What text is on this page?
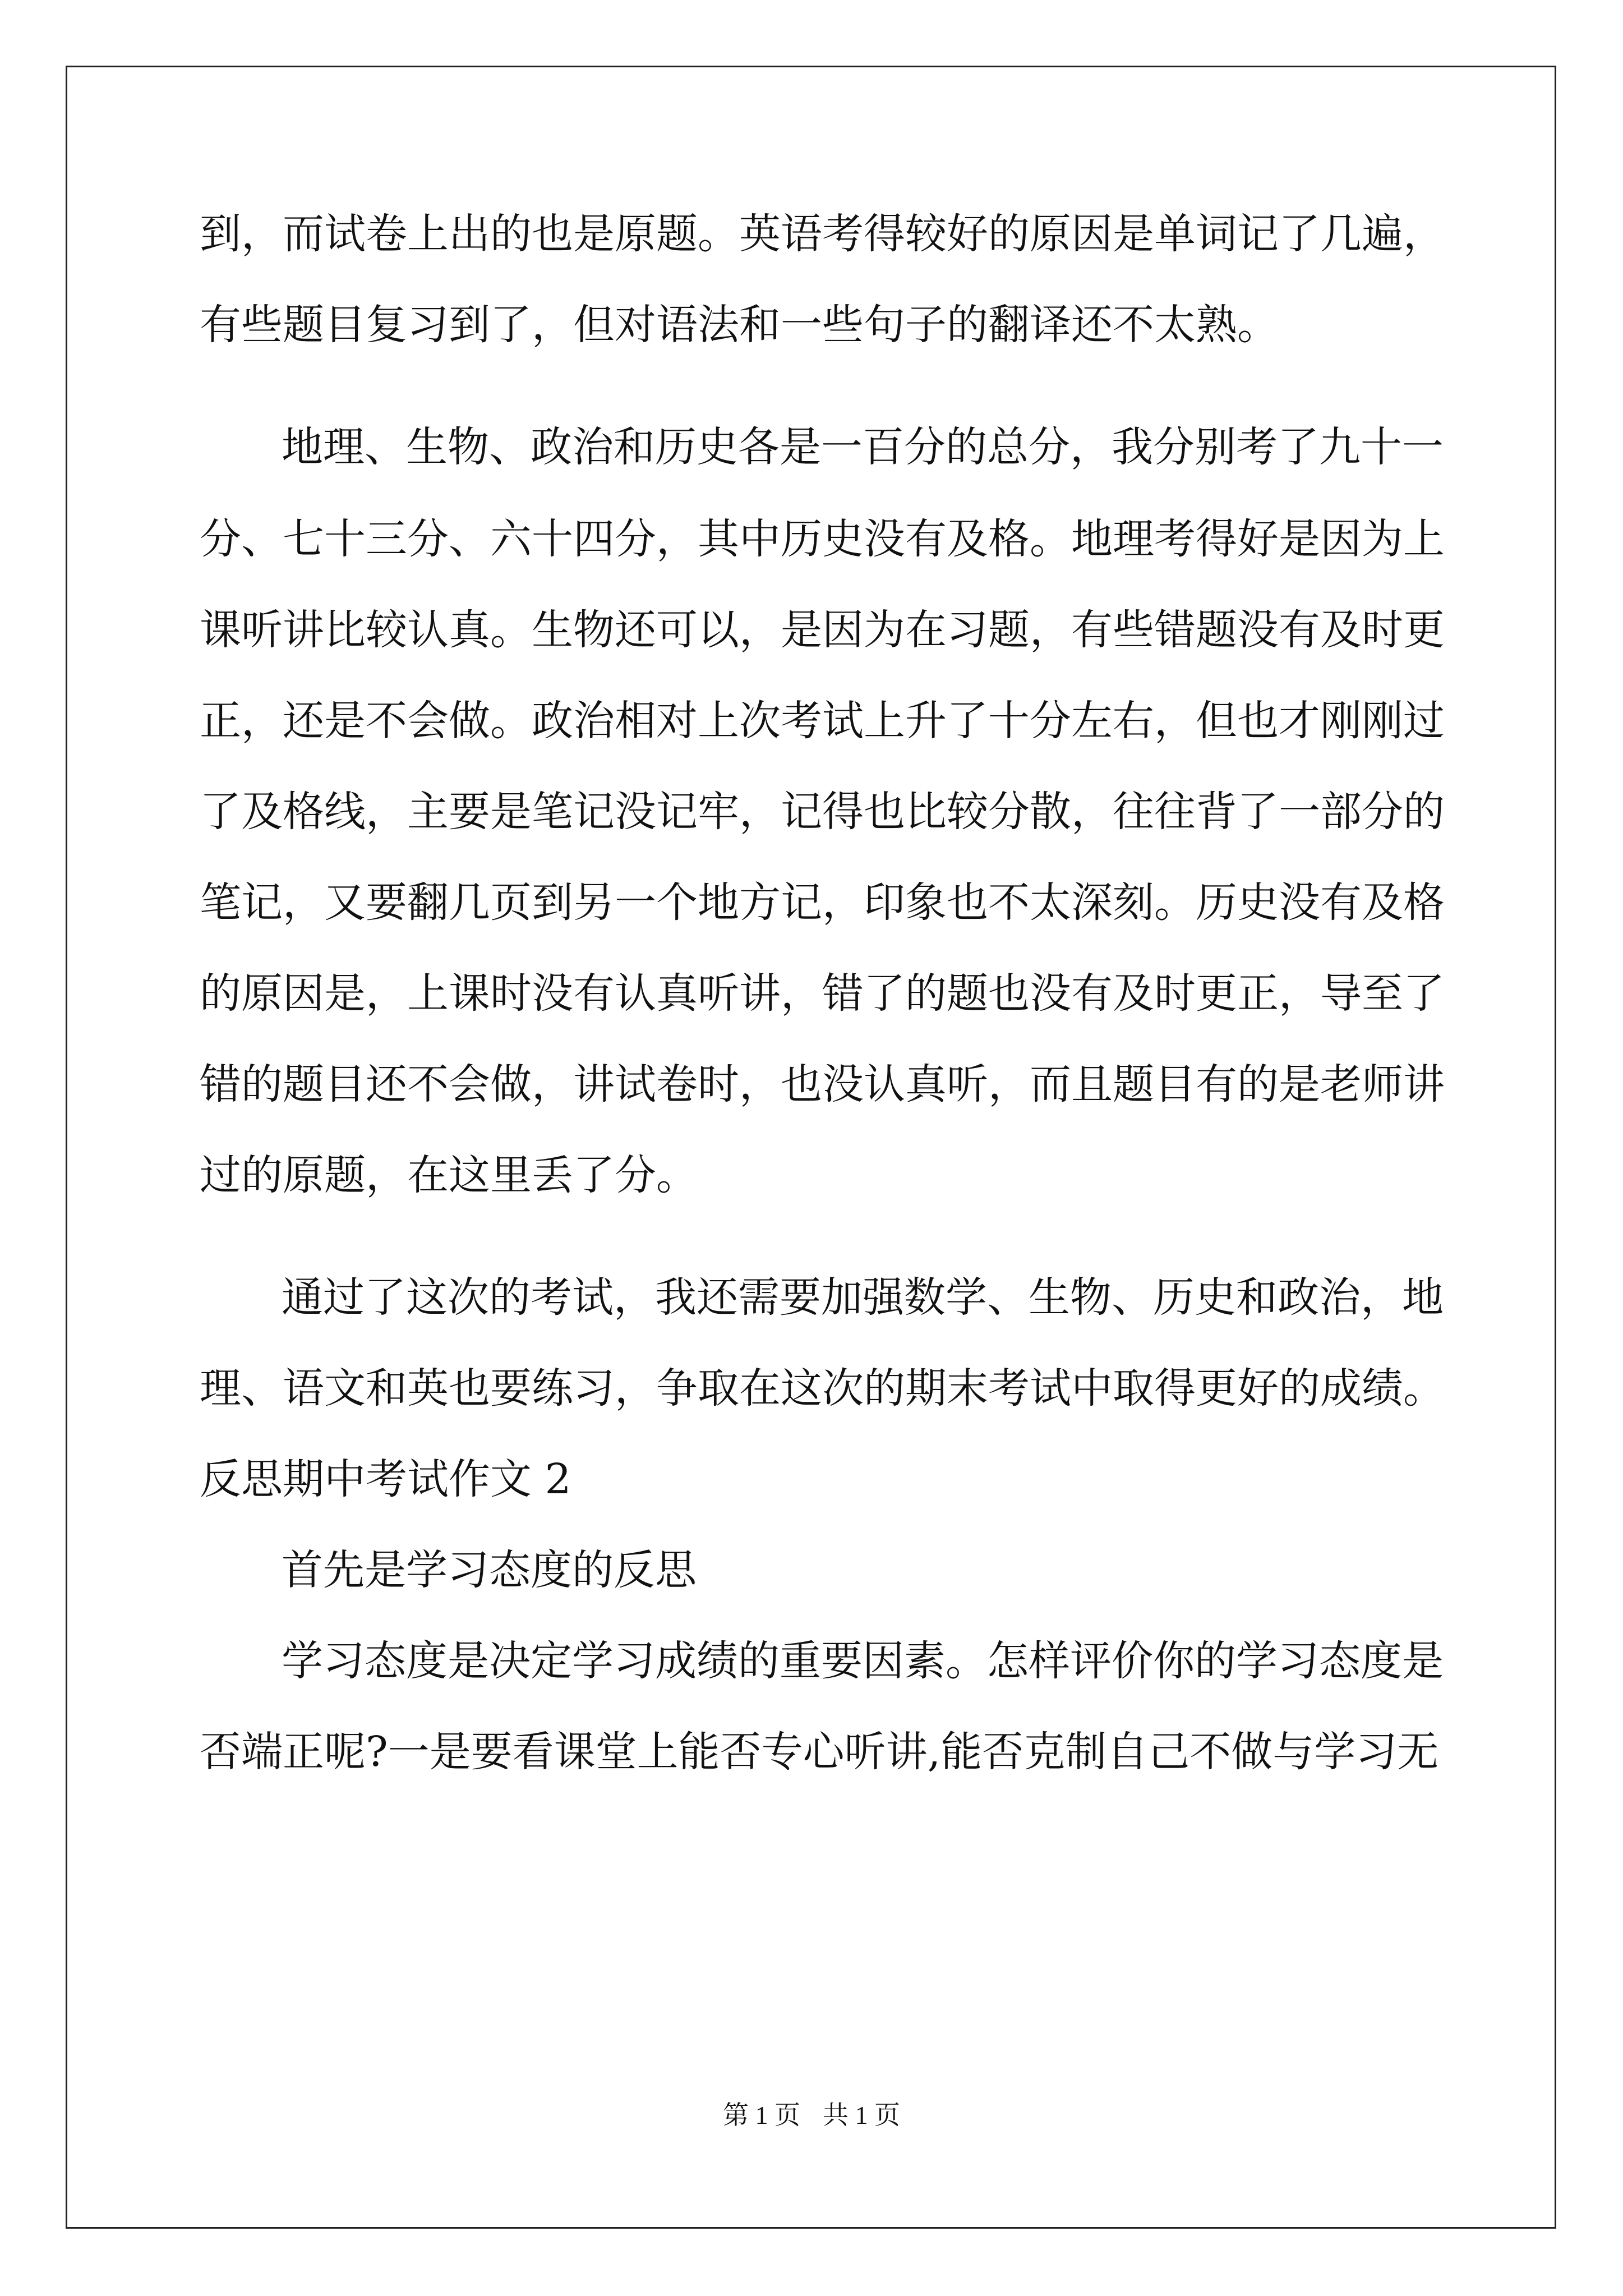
到，而试卷上出的也是原题。英语考得较好的原因是单词记了几遍，
有些题目复习到了，但对语法和一些句子的翻译还不太熟。
地理、生物、政治和历史各是一百分的总分，我分别考了九十一
分、七十三分、六十四分，其中历史没有及格。地理考得好是因为上
课听讲比较认真。生物还可以，是因为在习题，有些错题没有及时更
正，还是不会做。政治相对上次考试上升了十分左右，但也才刚刚过
了及格线，主要是笔记没记牢，记得也比较分散，往往背了一部分的
笔记，又要翻几页到另一个地方记，印象也不太深刻。历史没有及格
的原因是，上课时没有认真听讲，错了的题也没有及时更正，导至了
错的题目还不会做，讲试卷时，也没认真听，而且题目有的是老师讲
过的原题，在这里丢了分。
通过了这次的考试，我还需要加强数学、生物、历史和政治，地
理、语文和英也要练习，争取在这次的期末考试中取得更好的成绩。
反思期中考试作文 2
首先是学习态度的反思
学习态度是决定学习成绩的重要因素。怎样评价你的学习态度是
否端正呢?一是要看课堂上能否专心听讲,能否克制自己不做与学习无
第 1 页 共 1 页
